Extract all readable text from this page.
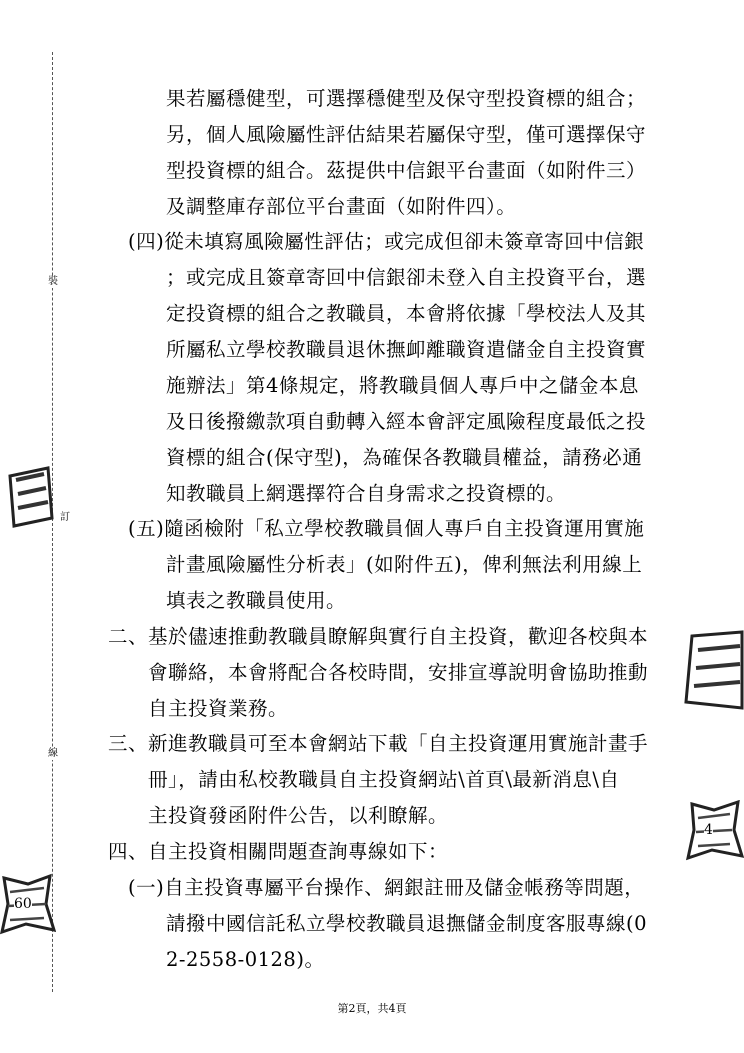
裝
訂
線
4
60
果若屬穩健型，可選擇穩健型及保守型投資標的組合；
另，個人風險屬性評估結果若屬保守型，僅可選擇保守
型投資標的組合。茲提供中信銀平台畫面（如附件三）
及調整庫存部位平台畫面（如附件四）。
(四)從未填寫風險屬性評估；或完成但卻未簽章寄回中信銀
；或完成且簽章寄回中信銀卻未登入自主投資平台，選
定投資標的組合之教職員，本會將依據「學校法人及其
所屬私立學校教職員退休撫卹離職資遣儲金自主投資實
施辦法」第4條規定，將教職員個人專戶中之儲金本息
及日後撥繳款項自動轉入經本會評定風險程度最低之投
資標的組合(保守型)，為確保各教職員權益，請務必通
知教職員上網選擇符合自身需求之投資標的。
(五)隨函檢附「私立學校教職員個人專戶自主投資運用實施
計畫風險屬性分析表」(如附件五)，俾利無法利用線上
填表之教職員使用。
二、基於儘速推動教職員瞭解與實行自主投資，歡迎各校與本
會聯絡，本會將配合各校時間，安排宣導說明會協助推動
自主投資業務。
三、新進教職員可至本會網站下載「自主投資運用實施計畫手
冊」，請由私校教職員自主投資網站\首頁\最新消息\自
主投資發函附件公告，以利瞭解。
四、自主投資相關問題查詢專線如下：
(一)自主投資專屬平台操作、網銀註冊及儲金帳務等問題，
請撥中國信託私立學校教職員退撫儲金制度客服專線(0
2-2558-0128)。
第2頁，共4頁
